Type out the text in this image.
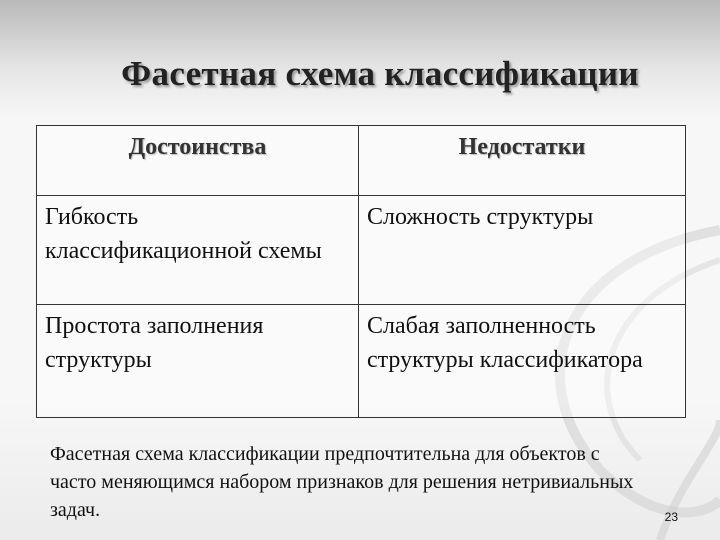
Фасетная схема классификации
Достоинства	Недостатки

Гибкость классификационной схемы	Сложность структуры

Простота заполнения структуры	Слабая заполненность структуры классификатора
Фасетная схема классификации предпочтительна для объектов с часто меняющимся набором признаков для решения нетривиальных задач.	23
